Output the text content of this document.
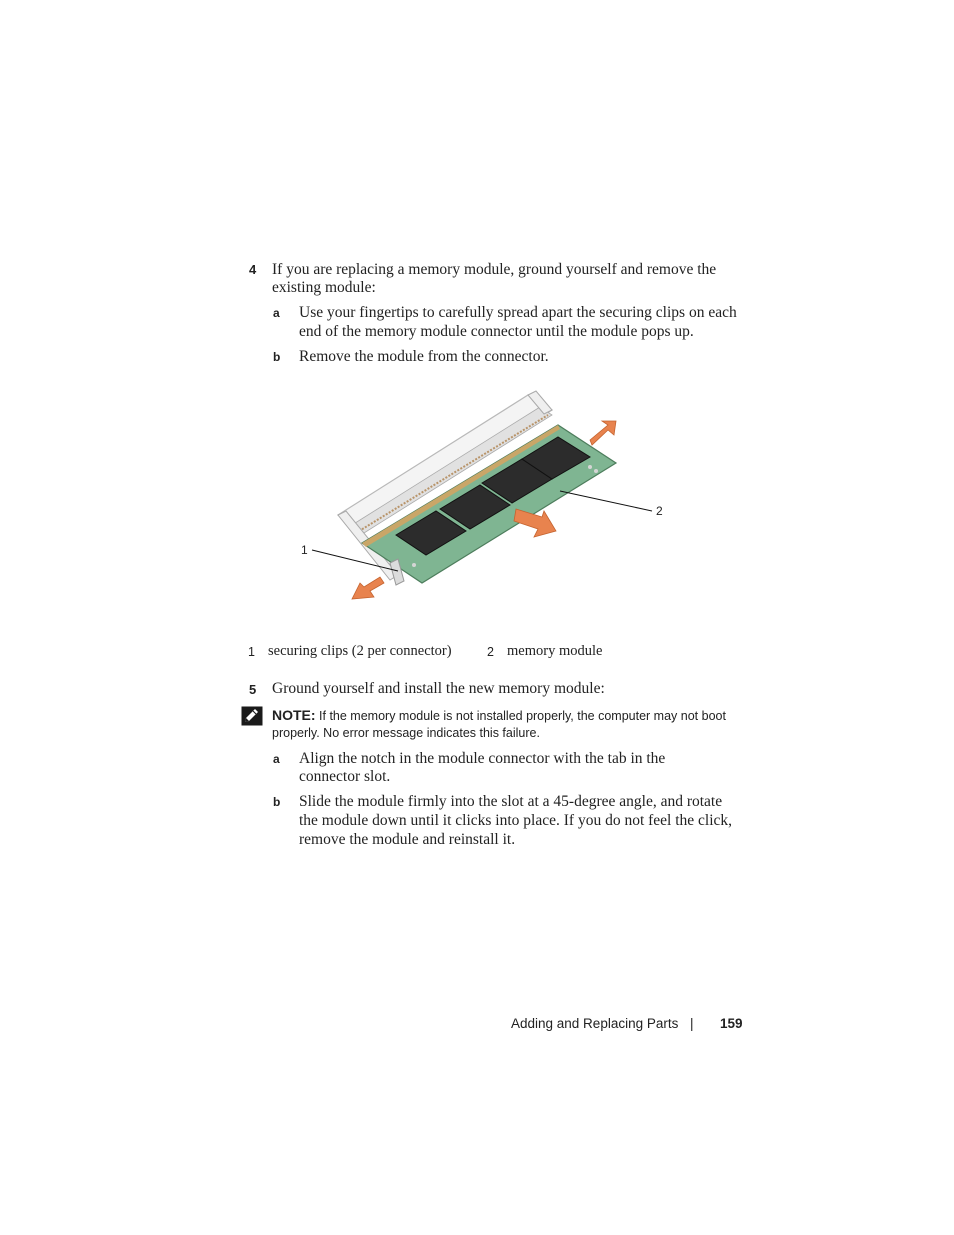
4 If you are replacing a memory module, ground yourself and remove the
existing module:
a Use your fingertips to carefully spread apart the securing clips on each
end of the memory module connector until the module pops up.
b Remove the module from the connector.
1
2
1 securing clips (2 per connector)	2 memory module
5 Ground yourself and install the new memory module:
NOTE: If the memory module is not installed properly, the computer may not boot
properly. No error message indicates this failure.
a Align the notch in the module connector with the tab in the
connector slot.
b Slide the module firmly into the slot at a 45-degree angle, and rotate
the module down until it clicks into place. If you do not feel the click,
remove the module and reinstall it.
Adding and Replacing Parts | 159
